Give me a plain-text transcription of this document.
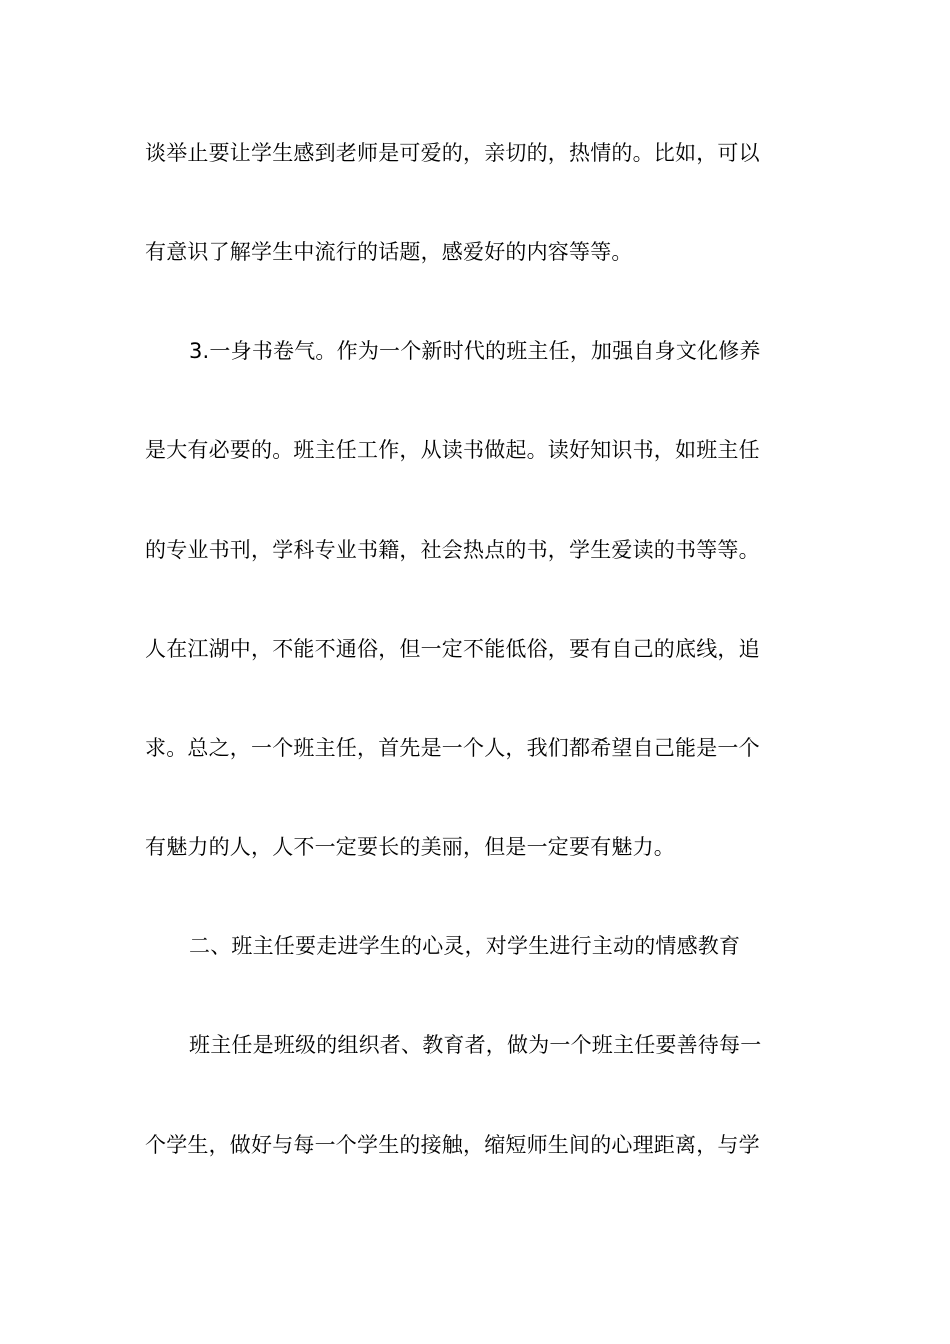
谈举止要让学生感到老师是可爱的，亲切的，热情的。比如，可以
有意识了解学生中流行的话题，感爱好的内容等等。
3.一身书卷气。作为一个新时代的班主任，加强自身文化修养
是大有必要的。班主任工作，从读书做起。读好知识书，如班主任
的专业书刊，学科专业书籍，社会热点的书，学生爱读的书等等。
人在江湖中，不能不通俗，但一定不能低俗，要有自己的底线，追
求。总之，一个班主任，首先是一个人，我们都希望自己能是一个
有魅力的人，人不一定要长的美丽，但是一定要有魅力。
二、班主任要走进学生的心灵，对学生进行主动的情感教育
班主任是班级的组织者、教育者，做为一个班主任要善待每一
个学生，做好与每一个学生的接触，缩短师生间的心理距离，与学
